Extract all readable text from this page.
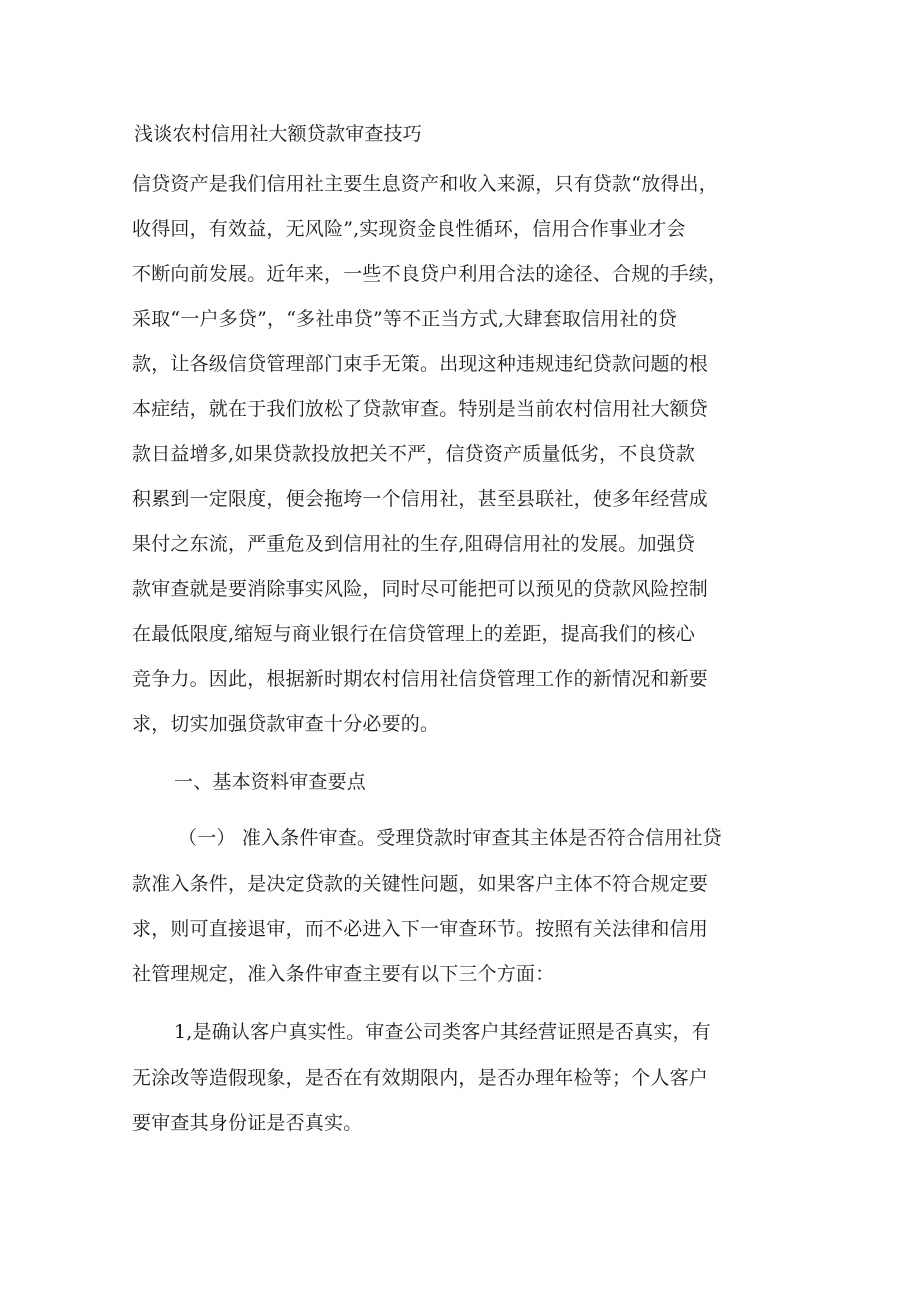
浅谈农村信用社大额贷款审查技巧
信贷资产是我们信用社主要生息资产和收入来源，只有贷款“放得出，
收得回，有效益，无风险”,实现资金良性循环，信用合作事业才会
不断向前发展。近年来，一些不良贷户利用合法的途径、合规的手续，
采取“一户多贷”，“多社串贷”等不正当方式,大肆套取信用社的贷
款，让各级信贷管理部门束手无策。出现这种违规违纪贷款问题的根
本症结，就在于我们放松了贷款审查。特别是当前农村信用社大额贷
款日益增多,如果贷款投放把关不严，信贷资产质量低劣，不良贷款
积累到一定限度，便会拖垮一个信用社，甚至县联社，使多年经营成
果付之东流，严重危及到信用社的生存,阻碍信用社的发展。加强贷
款审查就是要消除事实风险，同时尽可能把可以预见的贷款风险控制
在最低限度,缩短与商业银行在信贷管理上的差距，提高我们的核心
竞争力。因此，根据新时期农村信用社信贷管理工作的新情况和新要
求，切实加强贷款审查十分必要的。
一、基本资料审查要点
（一） 准入条件审查。受理贷款时审查其主体是否符合信用社贷
款准入条件，是决定贷款的关键性问题，如果客户主体不符合规定要
求，则可直接退审，而不必进入下一审查环节。按照有关法律和信用
社管理规定，准入条件审查主要有以下三个方面：
1,是确认客户真实性。审查公司类客户其经营证照是否真实，有
无涂改等造假现象，是否在有效期限内，是否办理年检等；个人客户
要审查其身份证是否真实。
